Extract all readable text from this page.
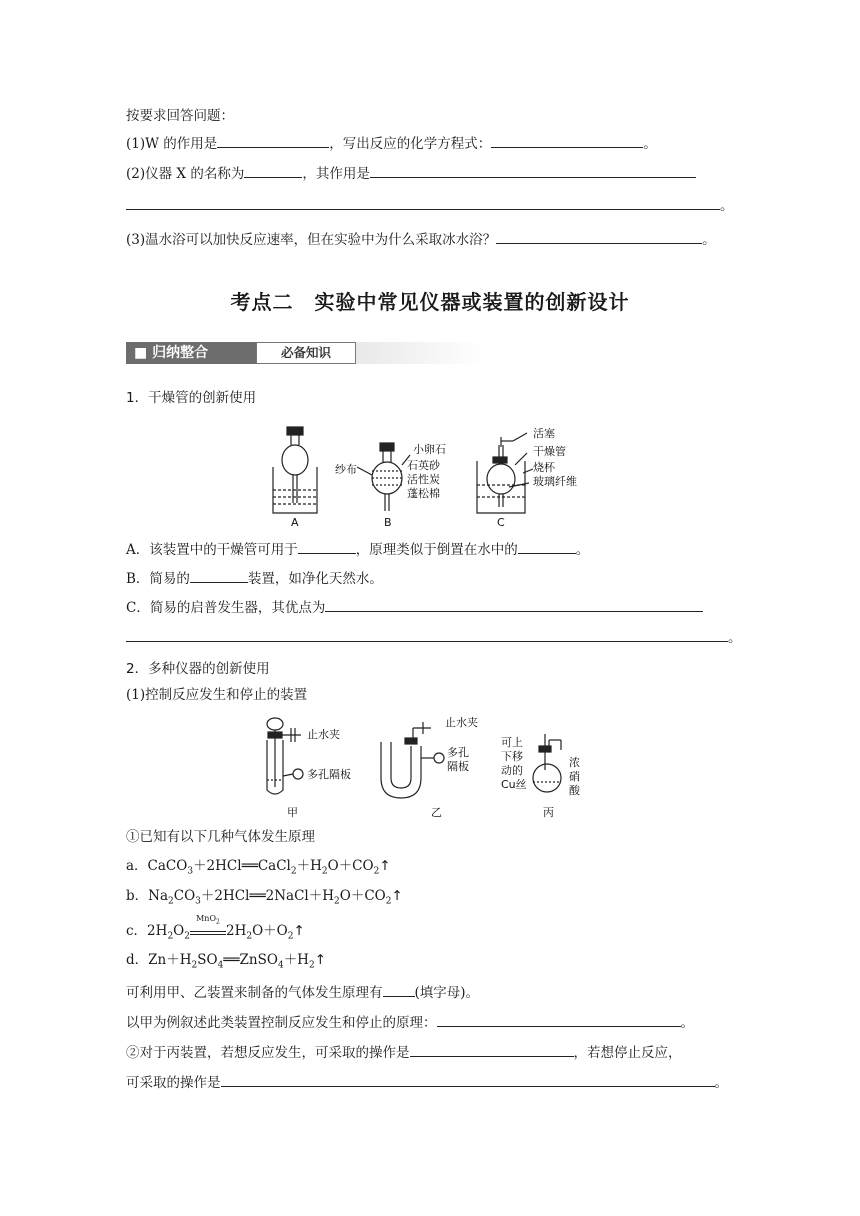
按要求回答问题：
(1)W 的作用是	，写出反应的化学方程式：	。
(2)仪器 X 的名称为	，其作用是
。
(3)温水浴可以加快反应速率，但在实验中为什么采取冰水浴？	。
考点二　实验中常见仪器或装置的创新设计
■ 归纳整合	必备知识
1．干燥管的创新使用
A
纱布
小卵石
石英砂
活性炭
蓬松棉
B
活塞
干燥管
烧杯
玻璃纤维
C
A．该装置中的干燥管可用于	，原理类似于倒置在水中的	。
B．简易的	装置，如净化天然水。
C．简易的启普发生器，其优点为
。
2．多种仪器的创新使用
(1)控制反应发生和停止的装置
止水夹
多孔隔板
甲
止水夹
多孔
隔板
乙
可上
下移
动的
Cu丝
浓
硝
酸
丙
①已知有以下几种气体发生原理
a．$CaCO_3+2HCl══CaCl_2+H_2O+CO_2↑$
b．$Na_2CO_3+2HCl══2NaCl+H_2O+CO_2↑$
c．$2H_2O_2$
MnO$_2$
$2H_2O+O_2↑$
d．$Zn+H_2SO_4══ZnSO_4+H_2↑$
可利用甲、乙装置来制备的气体发生原理有 (填字母)。
以甲为例叙述此类装置控制反应发生和停止的原理：	。
②对于丙装置，若想反应发生，可采取的操作是	，若想停止反应，
可采取的操作是	。
